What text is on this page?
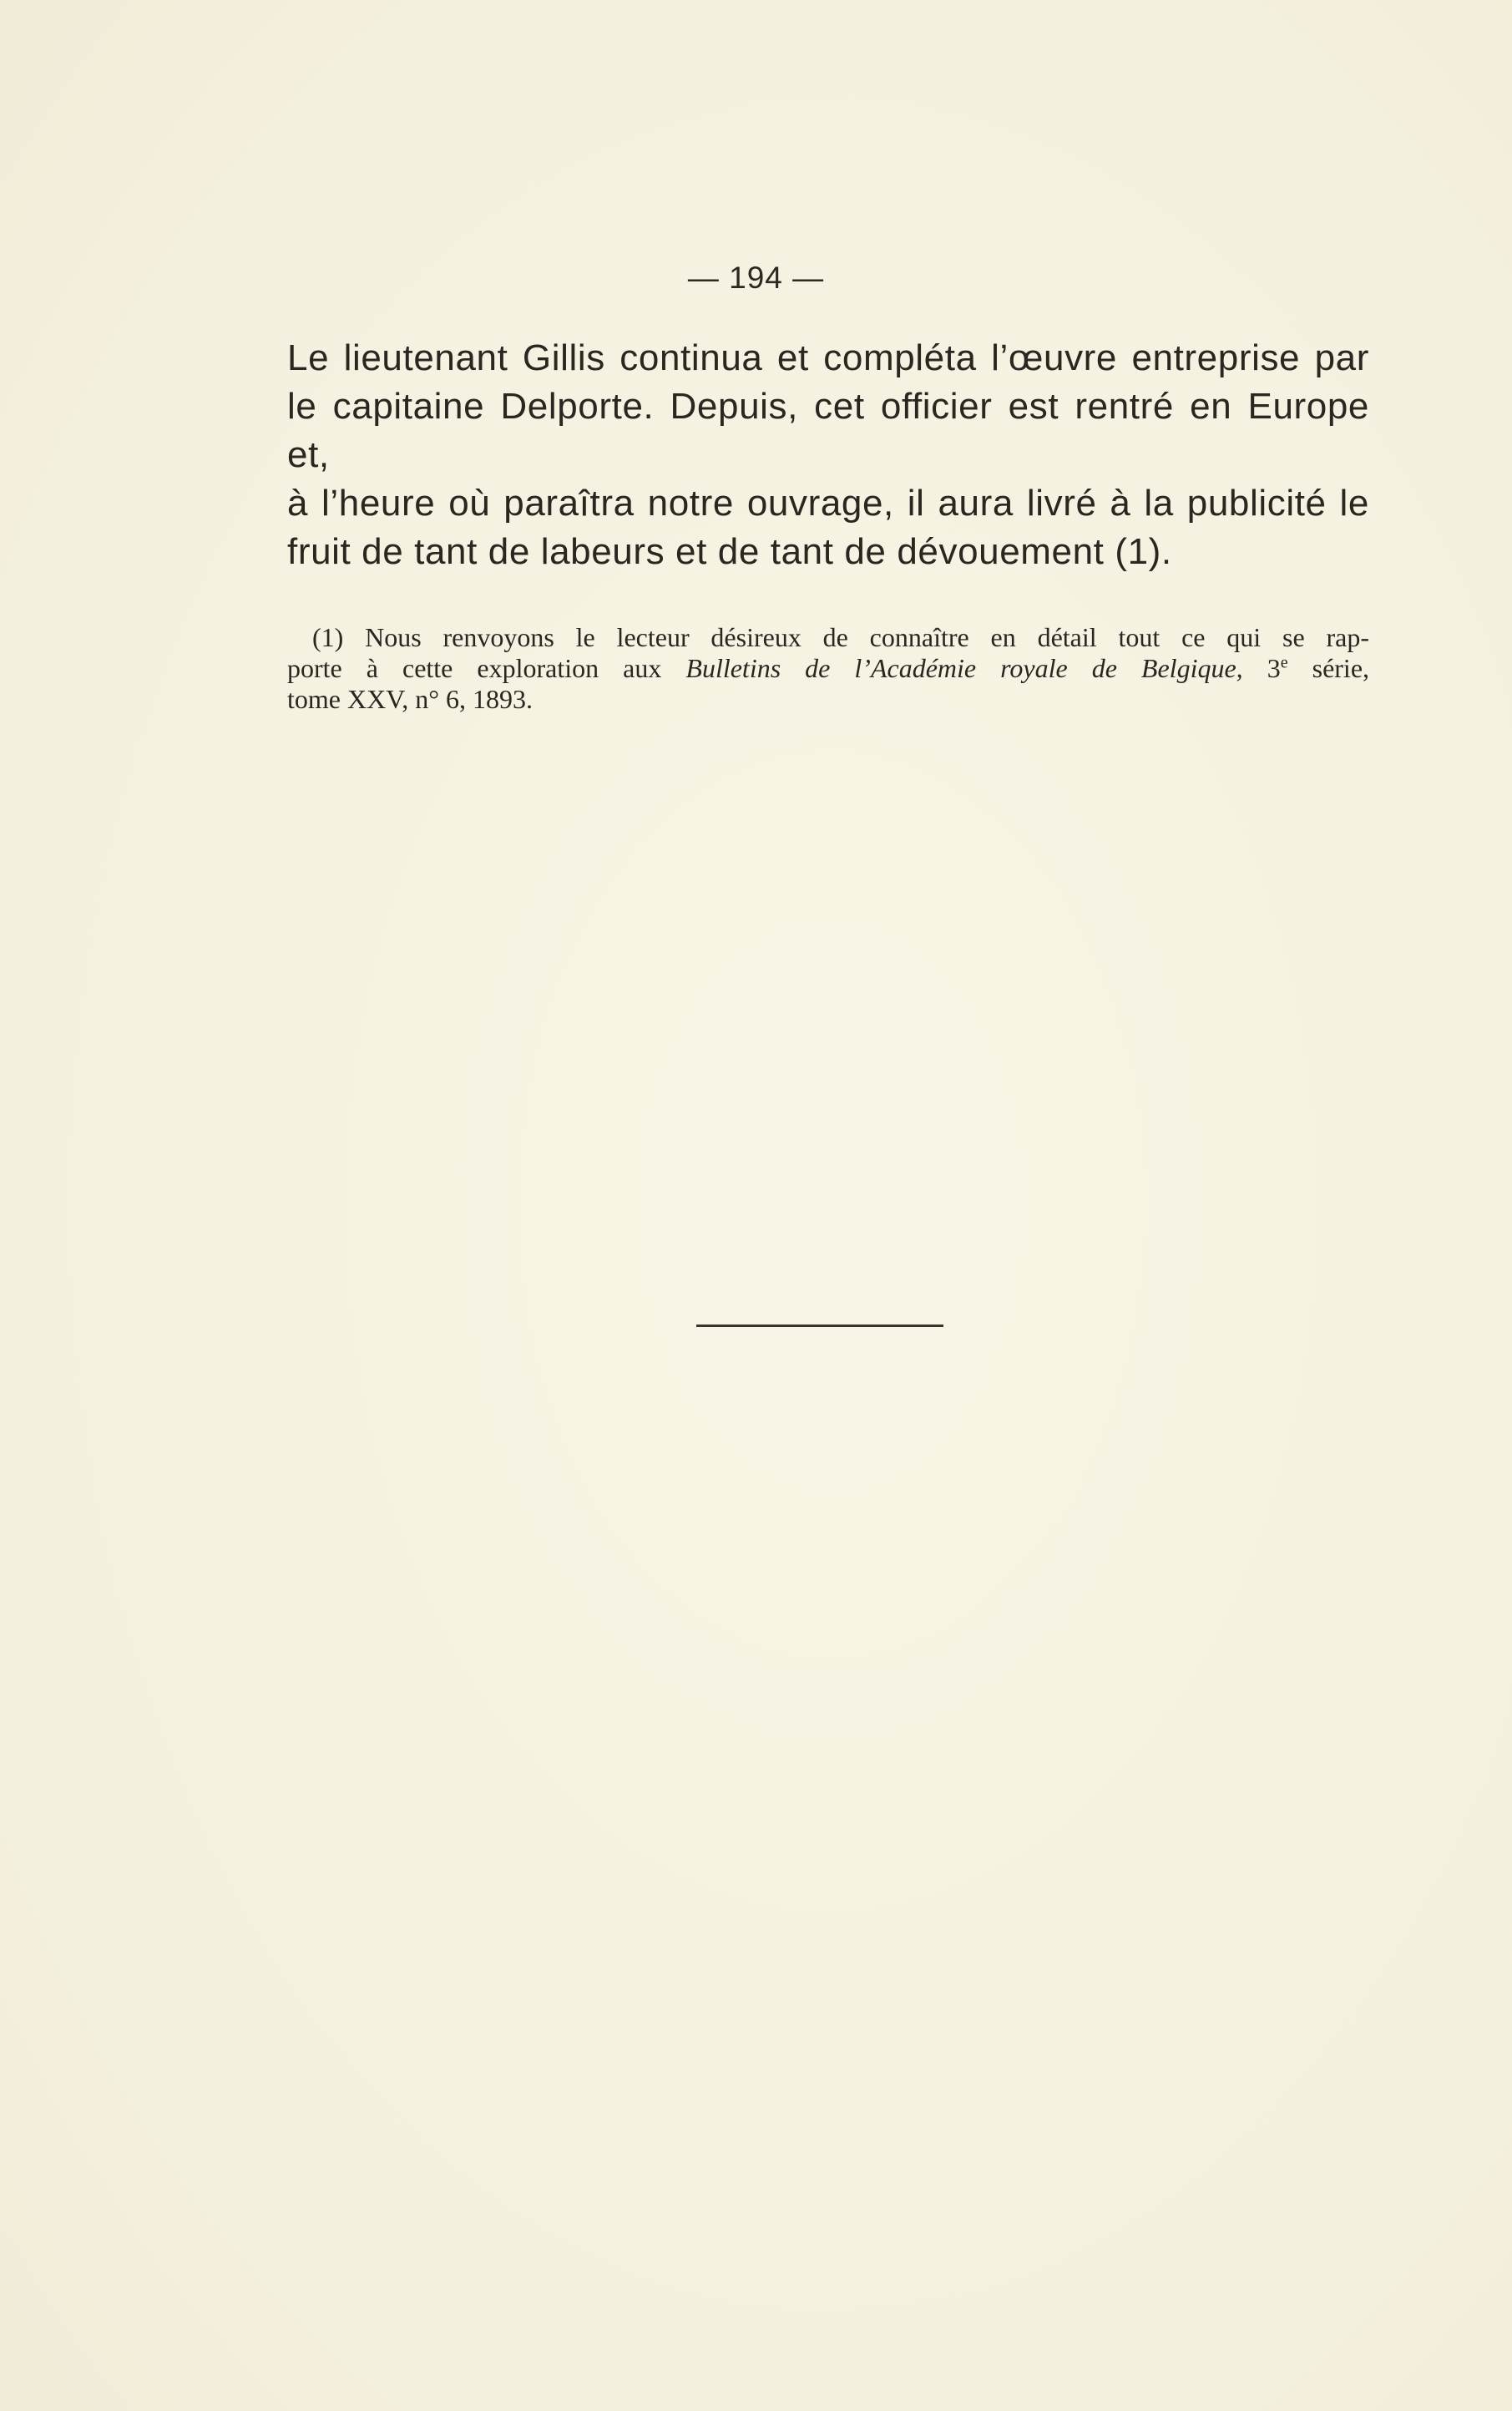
— 194 —
Le lieutenant Gillis continua et compléta l’œuvre entreprise par
le capitaine Delporte. Depuis, cet officier est rentré en Europe et,
à l’heure où paraîtra notre ouvrage, il aura livré à la publicité le
fruit de tant de labeurs et de tant de dévouement (1).
(1) Nous renvoyons le lecteur désireux de connaître en détail tout ce qui se rap-
porte à cette exploration aux Bulletins de l’Académie royale de Belgique, 3e série,
tome XXV, n° 6, 1893.
